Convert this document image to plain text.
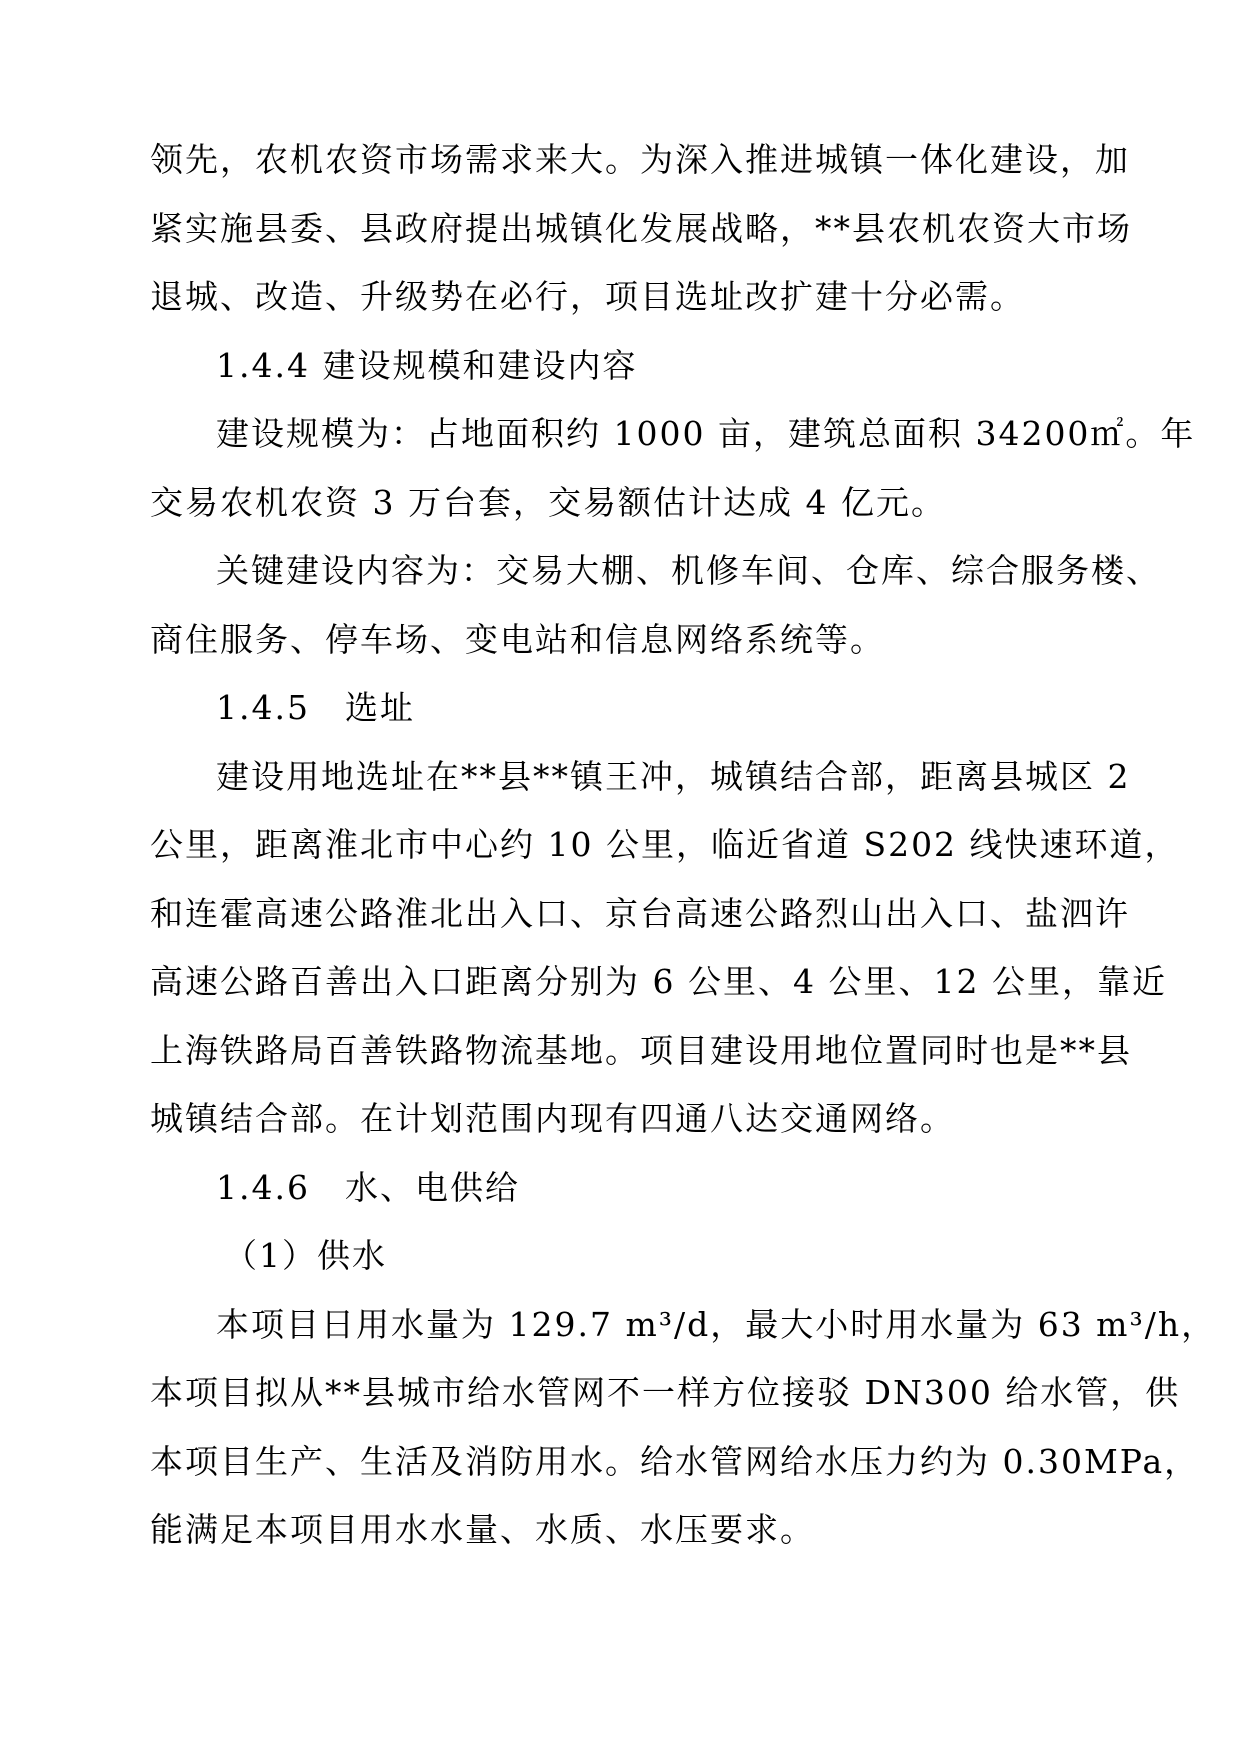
领先，农机农资市场需求来大。为深入推进城镇一体化建设，加
紧实施县委、县政府提出城镇化发展战略，**县农机农资大市场
退城、改造、升级势在必行，项目选址改扩建十分必需。
1.4.4 建设规模和建设内容
建设规模为：占地面积约 1000 亩，建筑总面积 34200㎡。年
交易农机农资 3 万台套，交易额估计达成 4 亿元。
关键建设内容为：交易大棚、机修车间、仓库、综合服务楼、
商住服务、停车场、变电站和信息网络系统等。
1.4.5　选址
建设用地选址在**县**镇王冲，城镇结合部，距离县城区 2
公里，距离淮北市中心约 10 公里，临近省道 S202 线快速环道，
和连霍高速公路淮北出入口、京台高速公路烈山出入口、盐泗许
高速公路百善出入口距离分别为 6 公里、4 公里、12 公里，靠近
上海铁路局百善铁路物流基地。项目建设用地位置同时也是**县
城镇结合部。在计划范围内现有四通八达交通网络。
1.4.6　水、电供给
（1）供水
本项目日用水量为 129.7 m³/d，最大小时用水量为 63 m³/h，
本项目拟从**县城市给水管网不一样方位接驳 DN300 给水管，供
本项目生产、生活及消防用水。给水管网给水压力约为 0.30MPa，
能满足本项目用水水量、水质、水压要求。
